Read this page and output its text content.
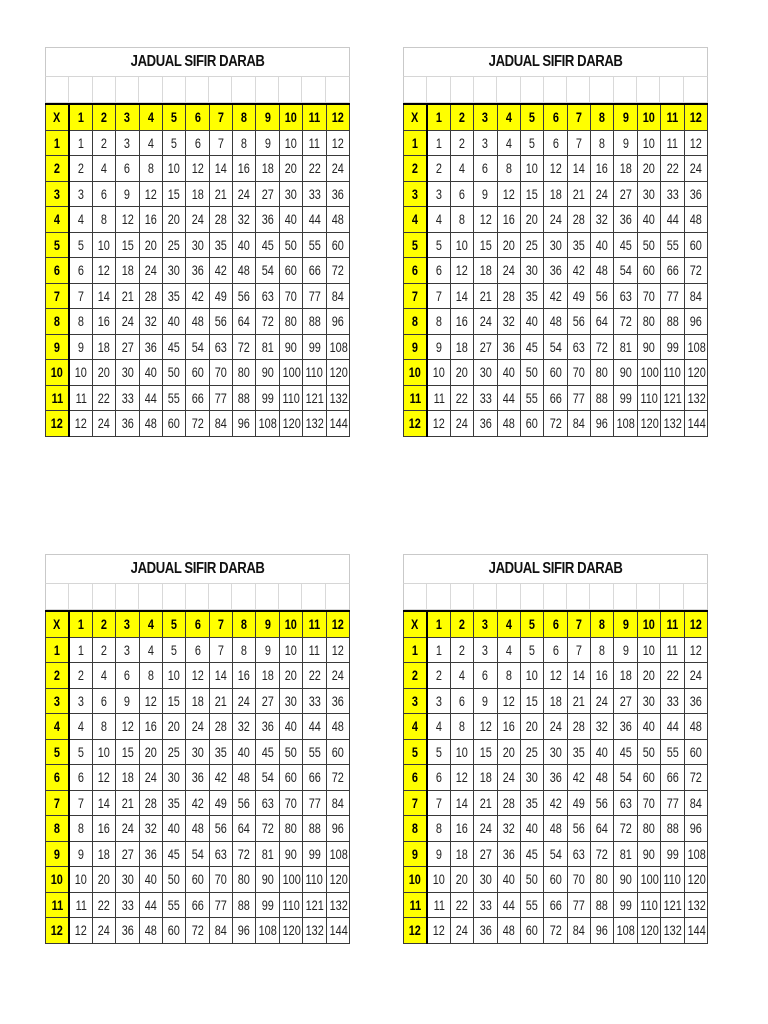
JADUAL SIFIR DARAB
X	1	2	3	4	5	6	7	8	9	10	11	12
1	1	2	3	4	5	6	7	8	9	10	11	12
2	2	4	6	8	10	12	14	16	18	20	22	24
3	3	6	9	12	15	18	21	24	27	30	33	36
4	4	8	12	16	20	24	28	32	36	40	44	48
5	5	10	15	20	25	30	35	40	45	50	55	60
6	6	12	18	24	30	36	42	48	54	60	66	72
7	7	14	21	28	35	42	49	56	63	70	77	84
8	8	16	24	32	40	48	56	64	72	80	88	96
9	9	18	27	36	45	54	63	72	81	90	99	108
10	10	20	30	40	50	60	70	80	90	100	110	120
11	11	22	33	44	55	66	77	88	99	110	121	132
12	12	24	36	48	60	72	84	96	108	120	132	144
JADUAL SIFIR DARAB
X	1	2	3	4	5	6	7	8	9	10	11	12
1	1	2	3	4	5	6	7	8	9	10	11	12
2	2	4	6	8	10	12	14	16	18	20	22	24
3	3	6	9	12	15	18	21	24	27	30	33	36
4	4	8	12	16	20	24	28	32	36	40	44	48
5	5	10	15	20	25	30	35	40	45	50	55	60
6	6	12	18	24	30	36	42	48	54	60	66	72
7	7	14	21	28	35	42	49	56	63	70	77	84
8	8	16	24	32	40	48	56	64	72	80	88	96
9	9	18	27	36	45	54	63	72	81	90	99	108
10	10	20	30	40	50	60	70	80	90	100	110	120
11	11	22	33	44	55	66	77	88	99	110	121	132
12	12	24	36	48	60	72	84	96	108	120	132	144
JADUAL SIFIR DARAB
X	1	2	3	4	5	6	7	8	9	10	11	12
1	1	2	3	4	5	6	7	8	9	10	11	12
2	2	4	6	8	10	12	14	16	18	20	22	24
3	3	6	9	12	15	18	21	24	27	30	33	36
4	4	8	12	16	20	24	28	32	36	40	44	48
5	5	10	15	20	25	30	35	40	45	50	55	60
6	6	12	18	24	30	36	42	48	54	60	66	72
7	7	14	21	28	35	42	49	56	63	70	77	84
8	8	16	24	32	40	48	56	64	72	80	88	96
9	9	18	27	36	45	54	63	72	81	90	99	108
10	10	20	30	40	50	60	70	80	90	100	110	120
11	11	22	33	44	55	66	77	88	99	110	121	132
12	12	24	36	48	60	72	84	96	108	120	132	144
JADUAL SIFIR DARAB
X	1	2	3	4	5	6	7	8	9	10	11	12
1	1	2	3	4	5	6	7	8	9	10	11	12
2	2	4	6	8	10	12	14	16	18	20	22	24
3	3	6	9	12	15	18	21	24	27	30	33	36
4	4	8	12	16	20	24	28	32	36	40	44	48
5	5	10	15	20	25	30	35	40	45	50	55	60
6	6	12	18	24	30	36	42	48	54	60	66	72
7	7	14	21	28	35	42	49	56	63	70	77	84
8	8	16	24	32	40	48	56	64	72	80	88	96
9	9	18	27	36	45	54	63	72	81	90	99	108
10	10	20	30	40	50	60	70	80	90	100	110	120
11	11	22	33	44	55	66	77	88	99	110	121	132
12	12	24	36	48	60	72	84	96	108	120	132	144
